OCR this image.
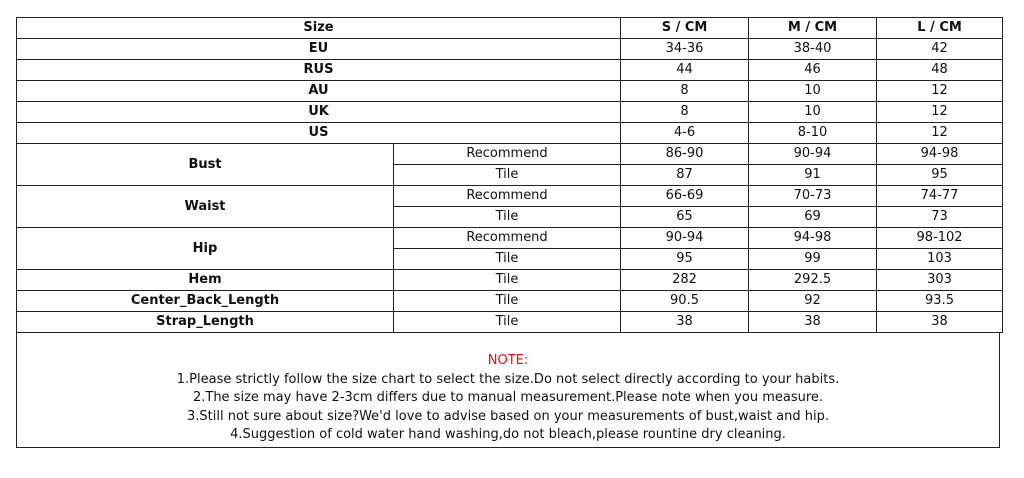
Size		S / CM	M / CM	L / CM
EU		34-36	38-40	42
RUS		44	46	48
AU		8	10	12
UK		8	10	12
US		4-6	8-10	12
Bust	Recommend	86-90	90-94	94-98
	Tile	87	91	95
Waist	Recommend	66-69	70-73	74-77
	Tile	65	69	73
Hip	Recommend	90-94	94-98	98-102
	Tile	95	99	103
Hem	Tile	282	292.5	303
Center_Back_Length	Tile	90.5	92	93.5
Strap_Length	Tile	38	38	38
NOTE:
1.Please strictly follow the size chart to select the size.Do not select directly according to your habits.
2.The size may have 2-3cm differs due to manual measurement.Please note when you measure.
3.Still not sure about size?We'd love to advise based on your measurements of bust,waist and hip.
4.Suggestion of cold water hand washing,do not bleach,please rountine dry cleaning.
